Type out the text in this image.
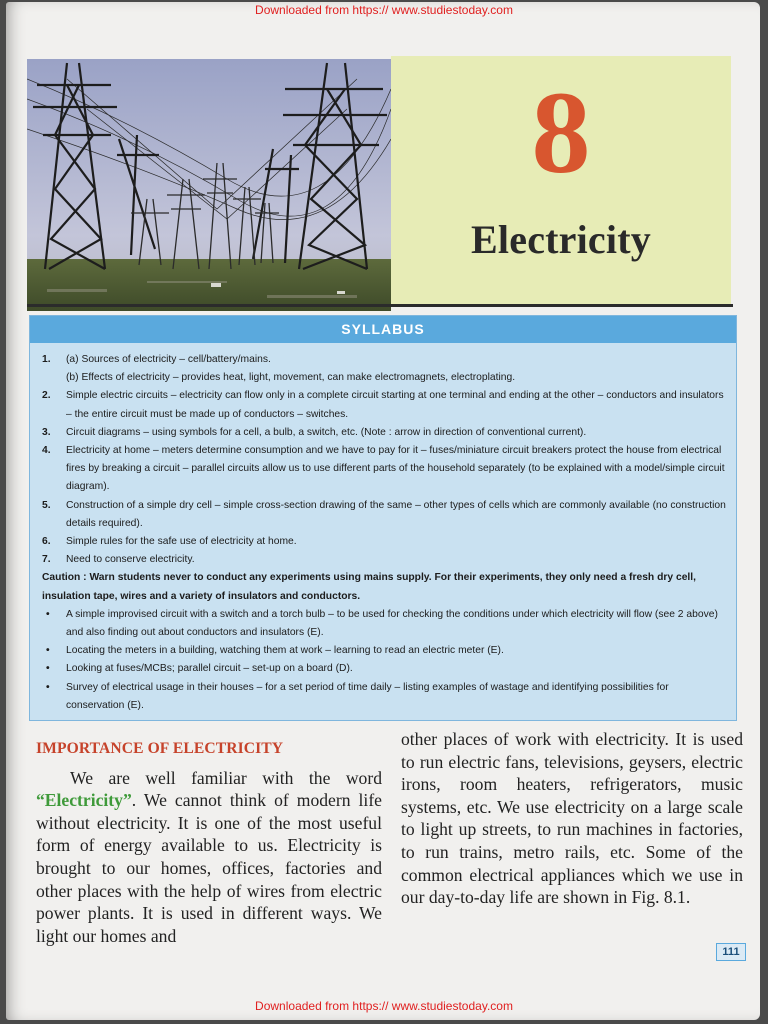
Downloaded from https:// www.studiestoday.com
8
Electricity
SYLLABUS
1. (a) Sources of electricity – cell/battery/mains.
(b) Effects of electricity – provides heat, light, movement, can make electromagnets, electroplating.
2. Simple electric circuits – electricity can flow only in a complete circuit starting at one terminal and ending at the other – conductors and insulators – the entire circuit must be made up of conductors – switches.
3. Circuit diagrams – using symbols for a cell, a bulb, a switch, etc. (Note : arrow in direction of conventional current).
4. Electricity at home – meters determine consumption and we have to pay for it – fuses/miniature circuit breakers protect the house from electrical fires by breaking a circuit – parallel circuits allow us to use different parts of the household separately (to be explained with a model/simple circuit diagram).
5. Construction of a simple dry cell – simple cross-section drawing of the same – other types of cells which are commonly available (no construction details required).
6. Simple rules for the safe use of electricity at home.
7. Need to conserve electricity.
Caution : Warn students never to conduct any experiments using mains supply. For their experiments, they only need a fresh dry cell, insulation tape, wires and a variety of insulators and conductors.
• A simple improvised circuit with a switch and a torch bulb – to be used for checking the conditions under which electricity will flow (see 2 above) and also finding out about conductors and insulators (E).
• Locating the meters in a building, watching them at work – learning to read an electric meter (E).
• Looking at fuses/MCBs; parallel circuit – set-up on a board (D).
• Survey of electrical usage in their houses – for a set period of time daily – listing examples of wastage and identifying possibilities for conservation (E).
IMPORTANCE OF ELECTRICITY

We are well familiar with the word “Electricity”. We cannot think of modern life without electricity. It is one of the most useful form of energy available to us. Electricity is brought to our homes, offices, factories and other places with the help of wires from electric power plants. It is used in different ways. We light our homes and

other places of work with electricity. It is used to run electric fans, televisions, geysers, electric irons, room heaters, refrigerators, music systems, etc. We use electricity on a large scale to light up streets, to run machines in factories, to run trains, metro rails, etc. Some of the common electrical appliances which we use in our day-to-day life are shown in Fig. 8.1.

111
Downloaded from https:// www.studiestoday.com
